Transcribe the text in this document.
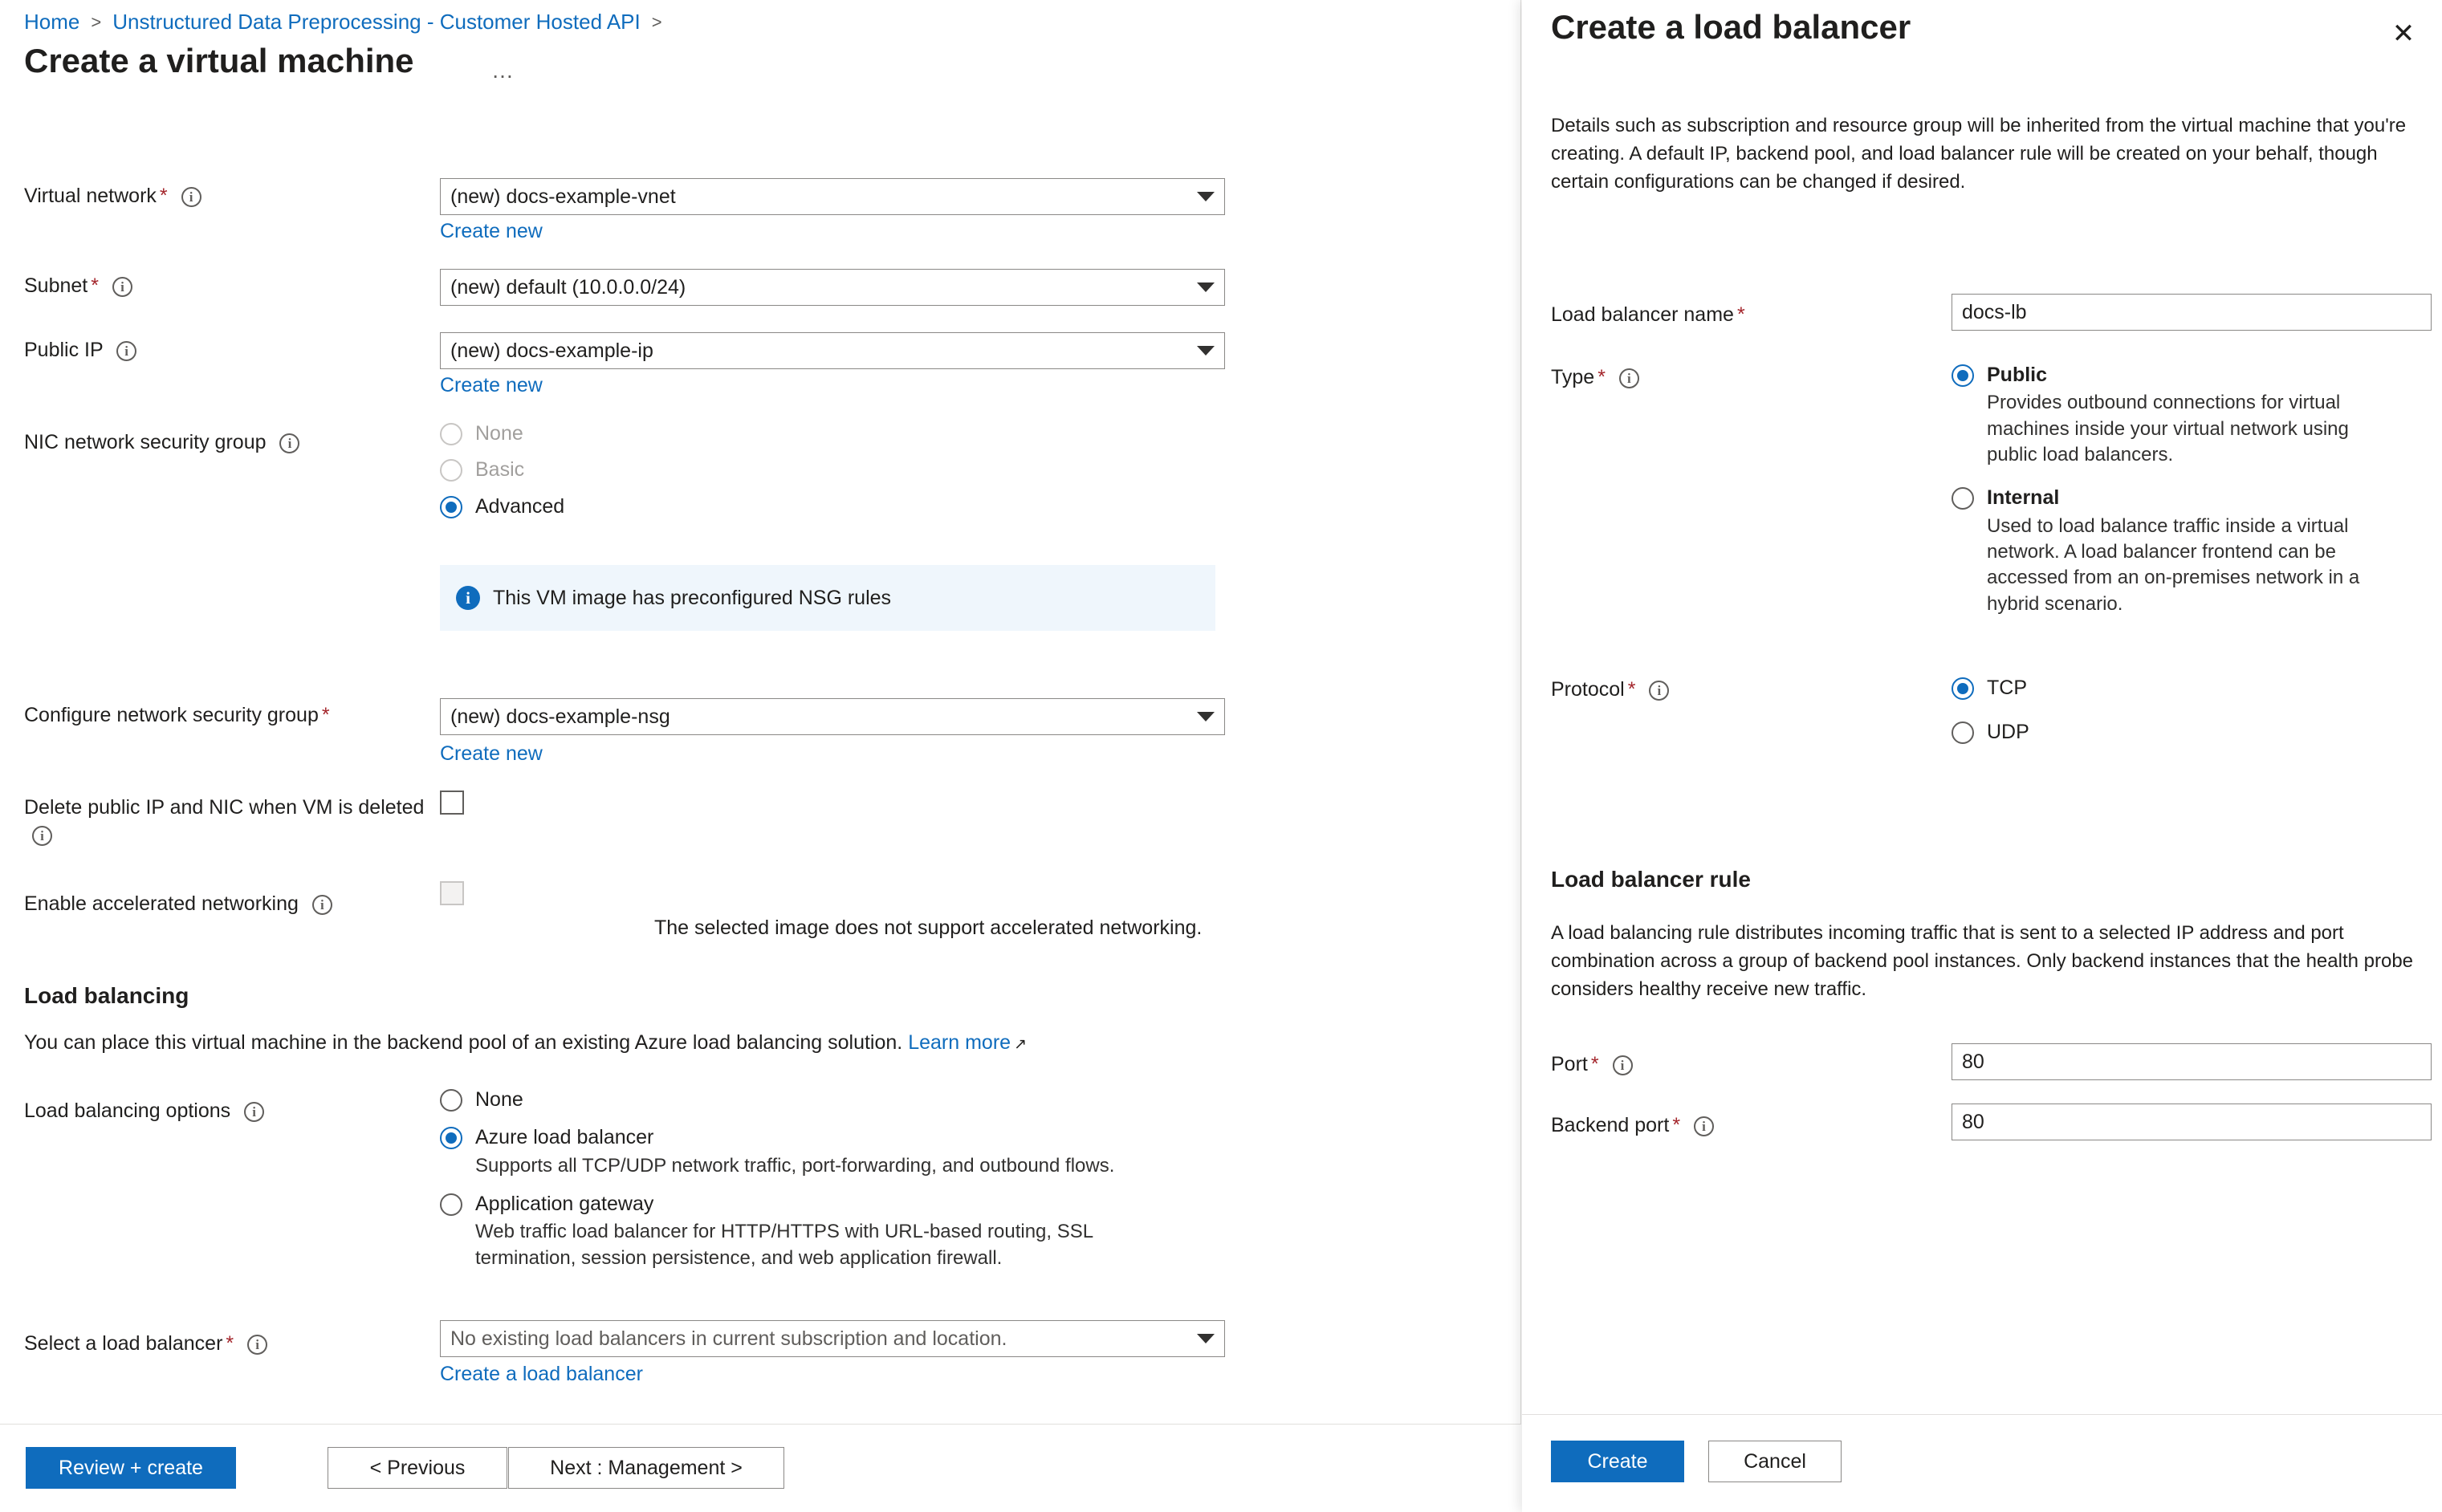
Home > Unstructured Data Preprocessing - Customer Hosted API >
Create a virtual machine	…
Virtual network * i	(new) docs-example-vnet
Create new
Subnet * i	(new) default (10.0.0.0/24)
Public IP i	(new) docs-example-ip
Create new
NIC network security group i	None
Basic
Advanced
i	This VM image has preconfigured NSG rules
Configure network security group *	(new) docs-example-nsg
Create new
Delete public IP and NIC when VM is deleted i
Enable accelerated networking i
The selected image does not support accelerated networking.
Load balancing
You can place this virtual machine in the backend pool of an existing Azure load balancing solution. Learn more ↗
Load balancing options i
None
Azure load balancer
Supports all TCP/UDP network traffic, port-forwarding, and outbound flows.
Application gateway
Web traffic load balancer for HTTP/HTTPS with URL-based routing, SSL termination, session persistence, and web application firewall.
Select a load balancer * i	No existing load balancers in current subscription and location.
Create a load balancer
Review + create	< Previous	Next : Management >
Create a load balancer	✕
Details such as subscription and resource group will be inherited from the virtual machine that you're creating. A default IP, backend pool, and load balancer rule will be created on your behalf, though certain configurations can be changed if desired.
Load balancer name *	docs-lb
Type * i	Public
Provides outbound connections for virtual machines inside your virtual network using public load balancers.
Internal
Used to load balance traffic inside a virtual network. A load balancer frontend can be accessed from an on-premises network in a hybrid scenario.
Protocol * i	TCP
UDP
Load balancer rule
A load balancing rule distributes incoming traffic that is sent to a selected IP address and port combination across a group of backend pool instances. Only backend instances that the health probe considers healthy receive new traffic.
Port * i	80
Backend port * i	80
Create	Cancel
